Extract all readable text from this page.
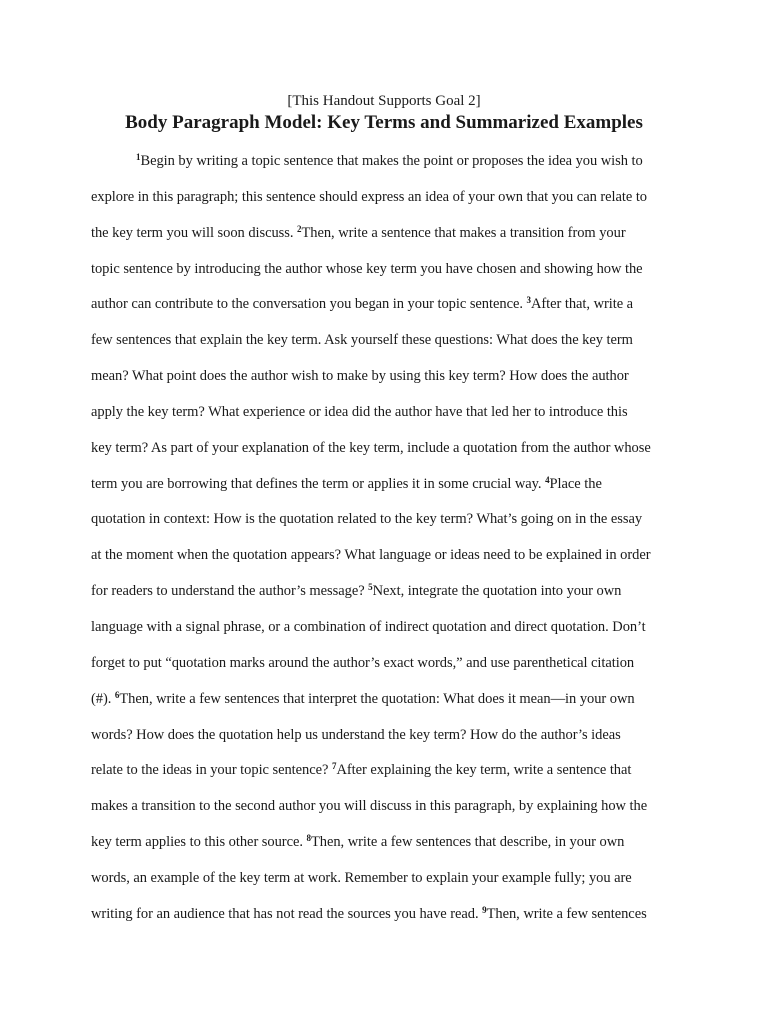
[This Handout Supports Goal 2]
Body Paragraph Model: Key Terms and Summarized Examples
$^1$Begin by writing a topic sentence that makes the point or proposes the idea you wish to
explore in this paragraph; this sentence should express an idea of your own that you can relate to
the key term you will soon discuss. $^2$Then, write a sentence that makes a transition from your
topic sentence by introducing the author whose key term you have chosen and showing how the
author can contribute to the conversation you began in your topic sentence. $^3$After that, write a
few sentences that explain the key term. Ask yourself these questions: What does the key term
mean? What point does the author wish to make by using this key term? How does the author
apply the key term? What experience or idea did the author have that led her to introduce this
key term? As part of your explanation of the key term, include a quotation from the author whose
term you are borrowing that defines the term or applies it in some crucial way. $^4$Place the
quotation in context: How is the quotation related to the key term? What’s going on in the essay
at the moment when the quotation appears? What language or ideas need to be explained in order
for readers to understand the author’s message? $^5$Next, integrate the quotation into your own
language with a signal phrase, or a combination of indirect quotation and direct quotation. Don’t
forget to put “quotation marks around the author’s exact words,” and use parenthetical citation
(#). $^6$Then, write a few sentences that interpret the quotation: What does it mean—in your own
words? How does the quotation help us understand the key term? How do the author’s ideas
relate to the ideas in your topic sentence? $^7$After explaining the key term, write a sentence that
makes a transition to the second author you will discuss in this paragraph, by explaining how the
key term applies to this other source. $^8$Then, write a few sentences that describe, in your own
words, an example of the key term at work. Remember to explain your example fully; you are
writing for an audience that has not read the sources you have read. $^9$Then, write a few sentences
